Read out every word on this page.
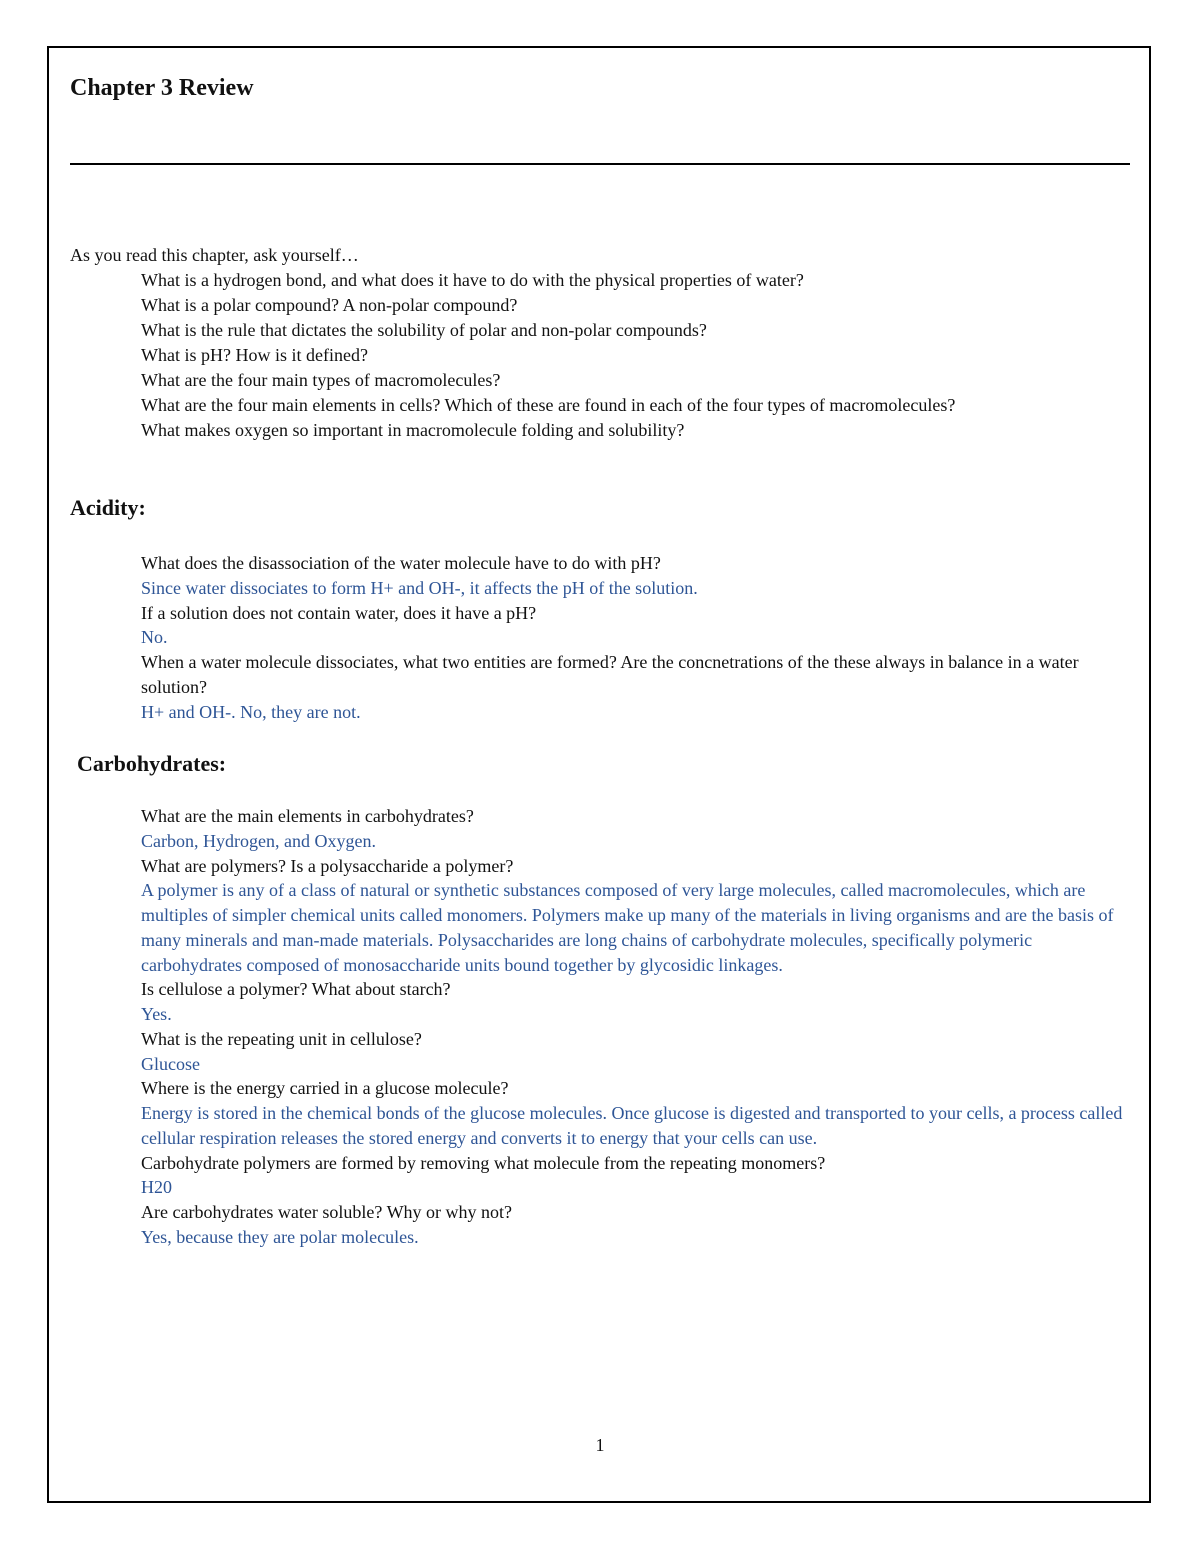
Chapter 3 Review
As you read this chapter, ask yourself…
What is a hydrogen bond, and what does it have to do with the physical properties of water?
What is a polar compound? A non-polar compound?
What is the rule that dictates the solubility of polar and non-polar compounds?
What is pH? How is it defined?
What are the four main types of macromolecules?
What are the four main elements in cells? Which of these are found in each of the four types of macromolecules?
What makes oxygen so important in macromolecule folding and solubility?
Acidity:
What does the disassociation of the water molecule have to do with pH?
Since water dissociates to form H+ and OH-, it affects the pH of the solution.
If a solution does not contain water, does it have a pH?
No.
When a water molecule dissociates, what two entities are formed? Are the concnetrations of the these always in balance in a water solution?
H+ and OH-. No, they are not.
Carbohydrates:
What are the main elements in carbohydrates?
Carbon, Hydrogen, and Oxygen.
What are polymers? Is a polysaccharide a polymer?
A polymer is any of a class of natural or synthetic substances composed of very large molecules, called macromolecules, which are multiples of simpler chemical units called monomers. Polymers make up many of the materials in living organisms and are the basis of many minerals and man-made materials. Polysaccharides are long chains of carbohydrate molecules, specifically polymeric carbohydrates composed of monosaccharide units bound together by glycosidic linkages.
Is cellulose a polymer? What about starch?
Yes.
What is the repeating unit in cellulose?
Glucose
Where is the energy carried in a glucose molecule?
Energy is stored in the chemical bonds of the glucose molecules. Once glucose is digested and transported to your cells, a process called cellular respiration releases the stored energy and converts it to energy that your cells can use.
Carbohydrate polymers are formed by removing what molecule from the repeating monomers?
H20
Are carbohydrates water soluble? Why or why not?
Yes, because they are polar molecules.
1
